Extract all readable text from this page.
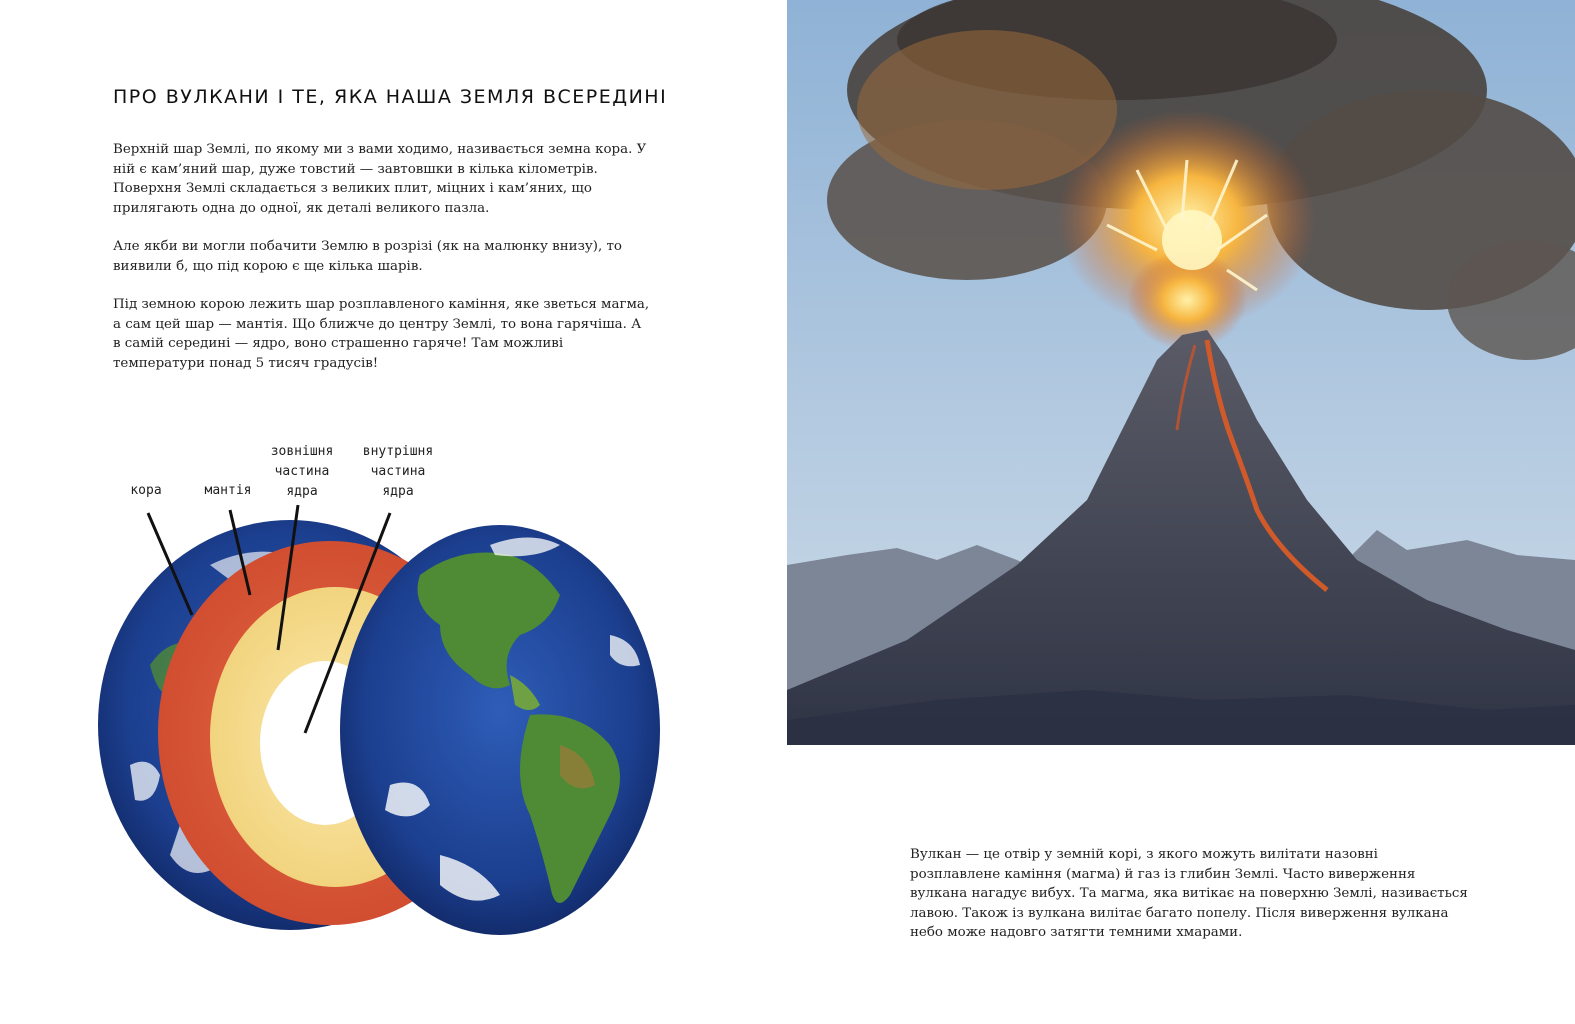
ПРО ВУЛКАНИ І ТЕ, ЯКА НАША ЗЕМЛЯ ВСЕРЕДИНІ

Верхній шар Землі, по якому ми з вами ходимо, називається земна кора. У ній є кам’яний шар, дуже товстий — завтовшки в кілька кілометрів. Поверхня Землі складається з великих плит, міцних і кам’яних, що прилягають одна до одної, як деталі великого пазла.

Але якби ви могли побачити Землю в розрізі (як на малюнку внизу), то виявили б, що під корою є ще кілька шарів.

Під земною корою лежить шар розплавленого каміння, яке зветься магма, а сам цей шар — мантія. Що ближче до центру Землі, то вона гарячіша. А в самій середині — ядро, воно страшенно гаряче! Там можливі температури понад 5 тисяч градусів!

кора	мантія
зовнішня частина ядра
внутрішня частина ядра

Вулкан — це отвір у земній корі, з якого можуть вилітати назовні розплавлене каміння (магма) й газ із глибин Землі. Часто виверження вулкана нагадує вибух. Та магма, яка витікає на поверхню Землі, називається лавою. Також із вулкана вилітає багато попелу. Після виверження вулкана небо може надовго затягти темними хмарами.
